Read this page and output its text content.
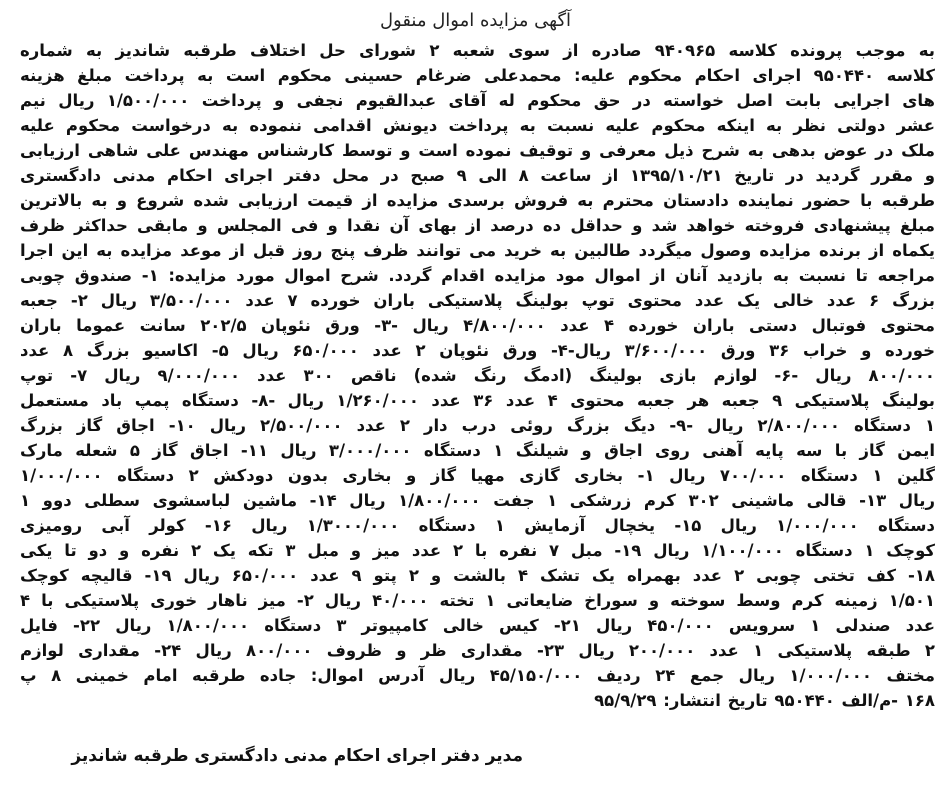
آگهی مزایده اموال منقول
به موجب پرونده کلاسه ۹۴۰۹۶۵ صادره از سوی شعبه ۲ شورای حل اختلاف طرقبه شاندیز به شماره
کلاسه ۹۵۰۴۴۰ اجرای احکام محکوم علیه: محمدعلی ضرغام حسینی محکوم است به پرداخت مبلغ هزینه
های اجرایی بابت اصل خواسته در حق محکوم له آقای عبدالقیوم نجفی و پرداخت ۱/۵۰۰/۰۰۰ ریال نیم
عشر دولتی نظر به اینکه محکوم علیه نسبت به پرداخت دیونش اقدامی ننموده به درخواست محکوم علیه
ملک در عوض بدهی به شرح ذیل معرفی و توقیف نموده است و توسط کارشناس مهندس علی شاهی ارزیابی
و مقرر گردید در تاریخ ۱۳۹۵/۱۰/۲۱ از ساعت ۸ الی ۹ صبح در محل دفتر اجرای احکام مدنی دادگستری
طرقبه با حضور نماینده دادستان محترم به فروش برسدی مزایده از قیمت ارزیابی شده شروع و به بالاترین
مبلغ پیشنهادی فروخته خواهد شد و حداقل ده درصد از بهای آن نقدا و فی المجلس و مابقی حداکثر ظرف
یکماه از برنده مزایده وصول میگردد طالبین به خرید می توانند ظرف پنج روز قبل از موعد مزایده به این اجرا
مراجعه تا نسبت به بازدید آنان از اموال مود مزایده اقدام گردد. شرح اموال مورد مزایده: ۱- صندوق چوبی
بزرگ ۶ عدد خالی یک عدد محتوی توپ بولینگ پلاستیکی باران خورده ۷ عدد ۳/۵۰۰/۰۰۰ ریال ۲- جعبه
محتوی فوتبال دستی باران خورده ۴ عدد ۴/۸۰۰/۰۰۰ ریال -۳- ورق نئوپان ۲۰۲/۵ سانت عموما باران
خورده و خراب ۳۶ ورق ۳/۶۰۰/۰۰۰ ریال-۴- ورق نئوپان ۲ عدد ۶۵۰/۰۰۰ ریال ۵- اکاسیو بزرگ ۸ عدد
۸۰۰/۰۰۰ ریال -۶- لوازم بازی بولینگ (ادمگ رنگ شده) ناقص ۳۰۰ عدد ۹/۰۰۰/۰۰۰ ریال ۷- توپ
بولینگ پلاستیکی ۹ جعبه هر جعبه محتوی ۴ عدد ۳۶ عدد ۱/۲۶۰/۰۰۰ ریال -۸- دستگاه پمپ باد مستعمل
۱ دستگاه ۲/۸۰۰/۰۰۰ ریال -۹- دیگ بزرگ روئی درب دار ۲ عدد ۲/۵۰۰/۰۰۰ ریال ۱۰- اجاق گاز بزرگ
ایمن گاز با سه پایه آهنی روی اجاق و شیلنگ ۱ دستگاه ۳/۰۰۰/۰۰۰ ریال ۱۱- اجاق گاز ۵ شعله مارک
گلین ۱ دستگاه ۷۰۰/۰۰۰ ریال ۱- بخاری گازی مهیا گاز و بخاری بدون دودکش ۲ دستگاه ۱/۰۰۰/۰۰۰
ریال ۱۳- قالی ماشینی ۳۰۲ کرم زرشکی ۱ جفت ۱/۸۰۰/۰۰۰ ریال ۱۴- ماشین لباسشوی سطلی دوو ۱
دستگاه ۱/۰۰۰/۰۰۰ ریال ۱۵- یخچال آزمایش ۱ دستگاه ۱/۳۰۰۰/۰۰۰ ریال ۱۶- کولر آبی رومیزی
کوچک ۱ دستگاه ۱/۱۰۰/۰۰۰ ریال ۱۹- مبل ۷ نفره با ۲ عدد میز و مبل ۳ تکه یک ۲ نفره و دو تا یکی
۱۸- کف تختی چوبی ۲ عدد بهمراه یک تشک ۴ بالشت و ۲ پتو ۹ عدد ۶۵۰/۰۰۰ ریال ۱۹- قالیچه کوچک
۱/۵۰۱ زمینه کرم وسط سوخته و سوراخ ضایعاتی ۱ تخته ۴۰/۰۰۰ ریال ۲- میز ناهار خوری پلاستیکی با ۴
عدد صندلی ۱ سرویس ۴۵۰/۰۰۰ ریال ۲۱- کیس خالی کامپیوتر ۳ دستگاه ۱/۸۰۰/۰۰۰ ریال ۲۲- فایل
۲ طبقه پلاستیکی ۱ عدد ۲۰۰/۰۰۰ ریال ۲۳- مقداری ظر و ظروف ۸۰۰/۰۰۰ ریال ۲۴- مقداری لوازم
مختف ۱/۰۰۰/۰۰۰ ریال جمع ۲۴ ردیف ۴۵/۱۵۰/۰۰۰ ریال آدرس اموال: جاده طرقبه امام خمینی ۸ پ
۱۶۸ -م/الف ۹۵۰۴۴۰ تاریخ انتشار: ۹۵/۹/۲۹
مدیر دفتر اجرای احکام مدنی دادگستری طرقبه شاندیز
